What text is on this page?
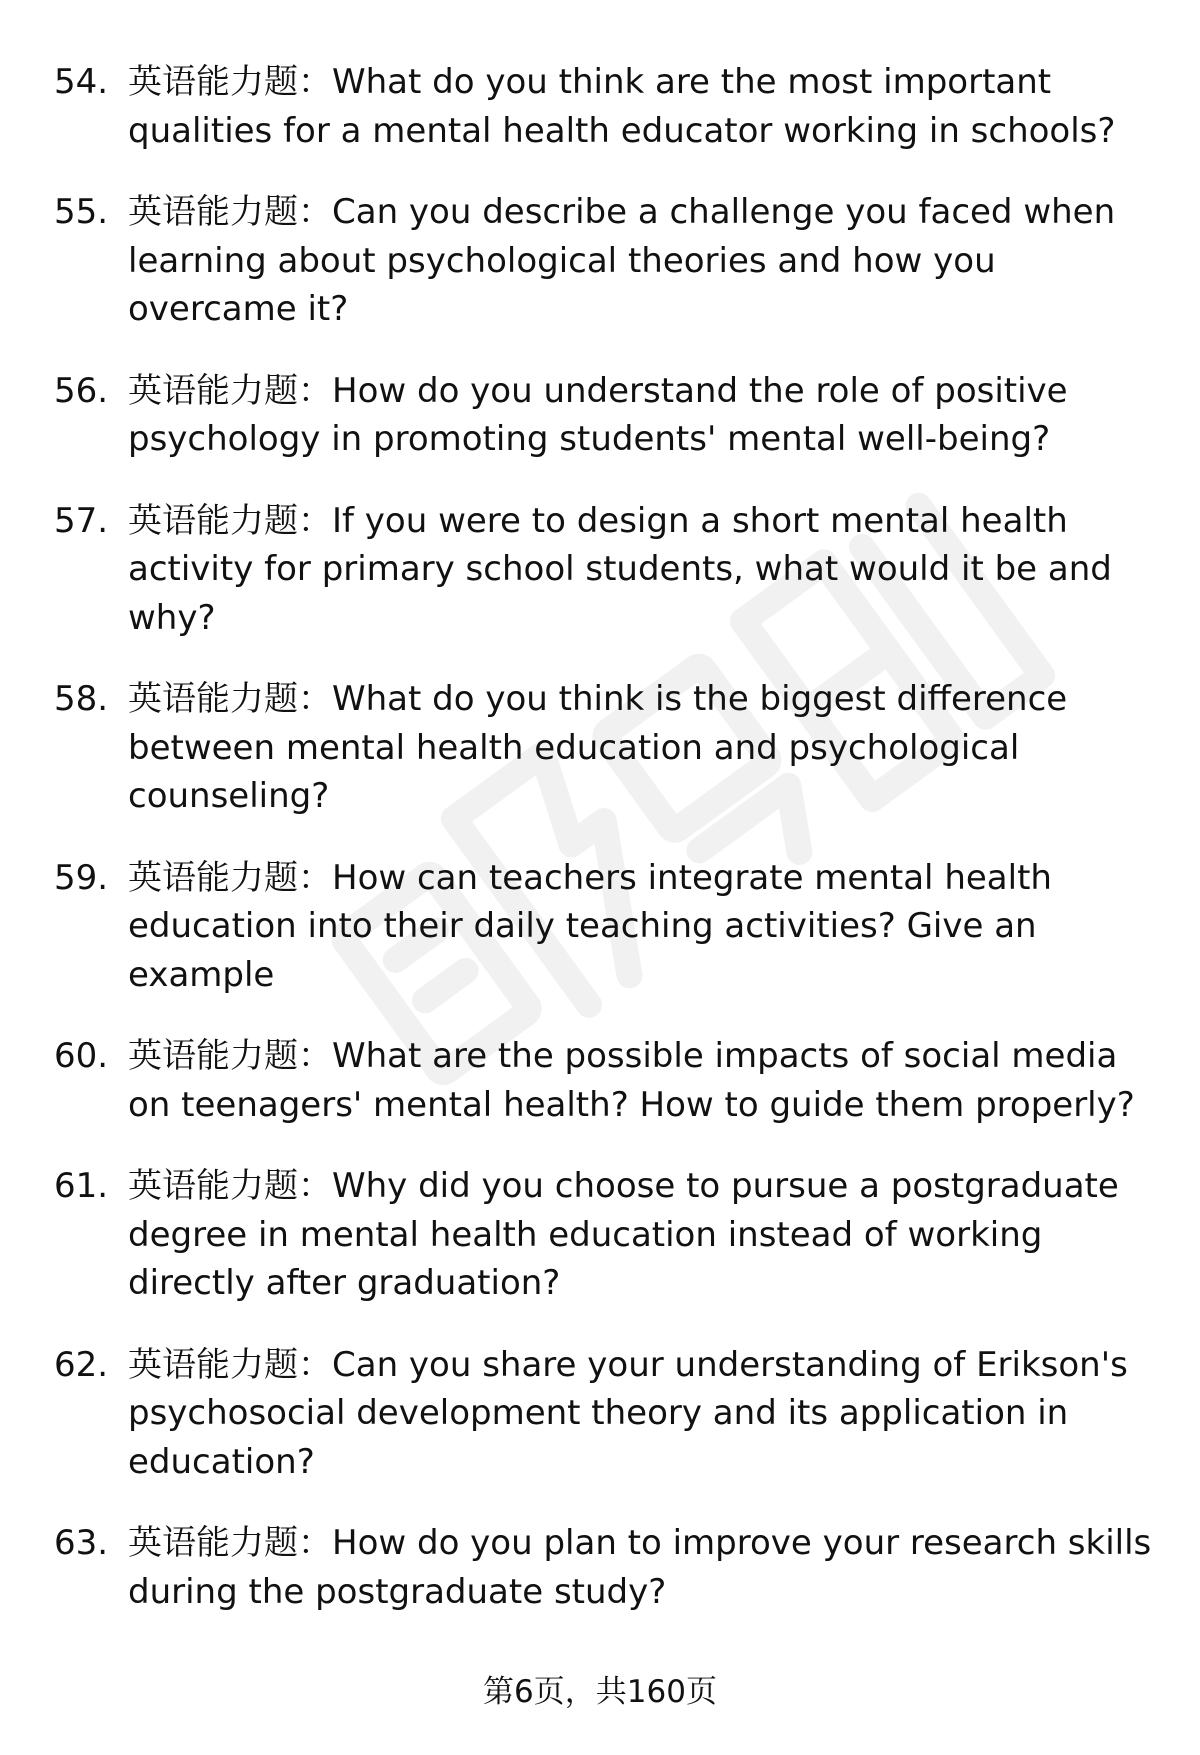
54. 英语能力题：What do you think are the most important qualities for a mental health educator working in schools?
55. 英语能力题：Can you describe a challenge you faced when learning about psychological theories and how you overcame it?
56. 英语能力题：How do you understand the role of positive psychology in promoting students' mental well-being?
57. 英语能力题：If you were to design a short mental health activity for primary school students, what would it be and why?
58. 英语能力题：What do you think is the biggest difference between mental health education and psychological counseling?
59. 英语能力题：How can teachers integrate mental health education into their daily teaching activities? Give an example
60. 英语能力题：What are the possible impacts of social media on teenagers' mental health? How to guide them properly?
61. 英语能力题：Why did you choose to pursue a postgraduate degree in mental health education instead of working directly after graduation?
62. 英语能力题：Can you share your understanding of Erikson's psychosocial development theory and its application in education?
63. 英语能力题：How do you plan to improve your research skills during the postgraduate study?
第6页，共160页
